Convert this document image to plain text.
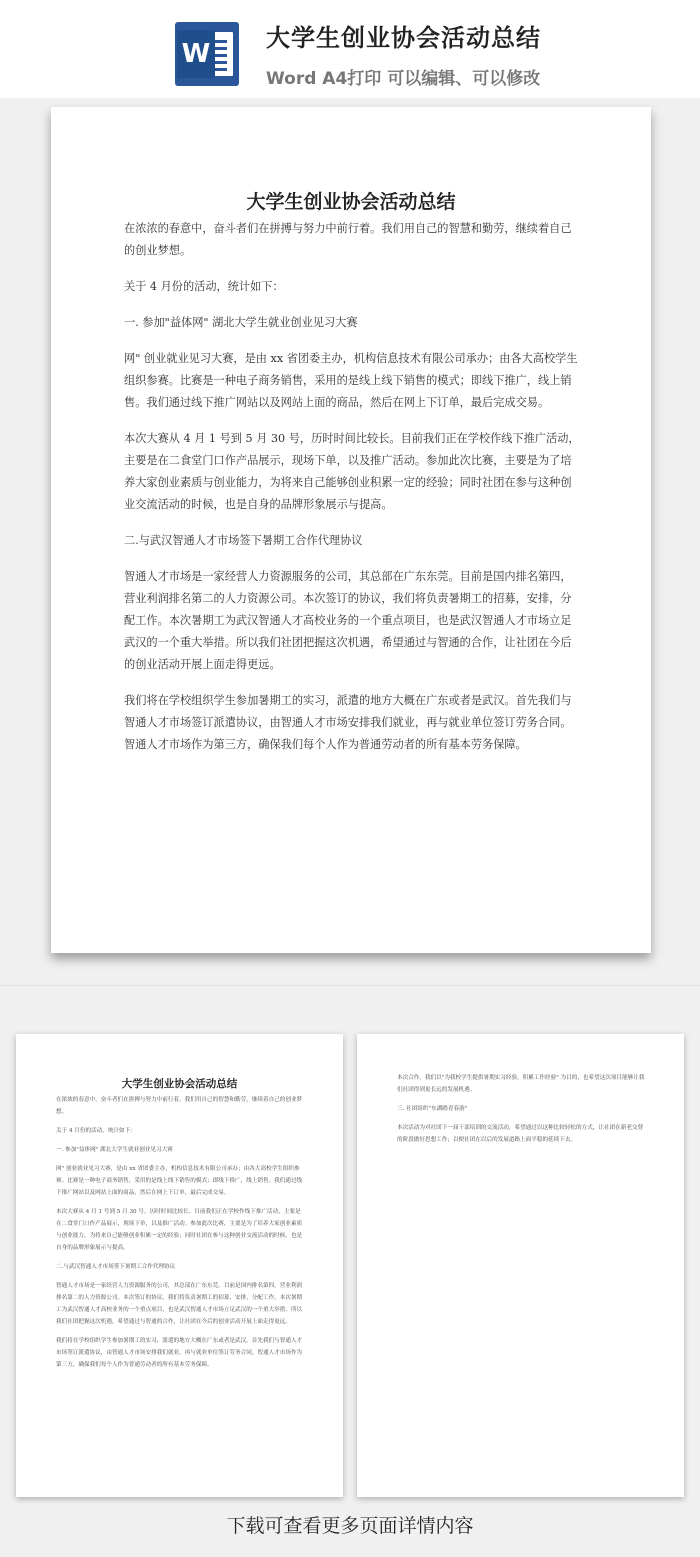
W
大学生创业协会活动总结
Word A4打印 可以编辑、可以修改
大学生创业协会活动总结

在浓浓的春意中，奋斗者们在拼搏与努力中前行着。我们用自己的智慧和勤劳，继续着自己的创业梦想。

关于 4 月份的活动，统计如下：

一. 参加"益体网" 湖北大学生就业创业见习大赛

网" 创业就业见习大赛，是由 xx 省团委主办，机构信息技术有限公司承办；由各大高校学生组织参赛。比赛是一种电子商务销售，采用的是线上线下销售的模式；即线下推广，线上销售。我们通过线下推广网站以及网站上面的商品，然后在网上下订单，最后完成交易。

本次大赛从 4 月 1 号到 5 月 30 号，历时时间比较长。目前我们正在学校作线下推广活动，主要是在二食堂门口作产品展示，现场下单，以及推广活动。参加此次比赛，主要是为了培养大家创业素质与创业能力，为将来自己能够创业积累一定的经验；同时社团在参与这种创业交流活动的时候，也是自身的品牌形象展示与提高。

二.与武汉智通人才市场签下暑期工合作代理协议

智通人才市场是一家经营人力资源服务的公司，其总部在广东东莞。目前是国内排名第四，营业利润排名第二的人力资源公司。本次签订的协议，我们将负责暑期工的招募，安排，分配工作。本次暑期工为武汉智通人才高校业务的一个重点项目，也是武汉智通人才市场立足武汉的一个重大举措。所以我们社团把握这次机遇，希望通过与智通的合作，让社团在今后的创业活动开展上面走得更远。

我们将在学校组织学生参加暑期工的实习，派遣的地方大概在广东或者是武汉。首先我们与智通人才市场签订派遣协议，由智通人才市场安排我们就业，再与就业单位签订劳务合同。智通人才市场作为第三方，确保我们每个人作为普通劳动者的所有基本劳务保障。

大学生创业协会活动总结

在浓浓的春意中，奋斗者们在拼搏与努力中前行着。我们用自己的智慧和勤劳，继续着自己的创业梦想。

关于 4 月份的活动，统计如下：

一. 参加"益体网" 湖北大学生就业创业见习大赛

网" 创业就业见习大赛，是由 xx 省团委主办，机构信息技术有限公司承办；由各大高校学生组织参赛。比赛是一种电子商务销售，采用的是线上线下销售的模式；即线下推广，线上销售。我们通过线下推广网站以及网站上面的商品，然后在网上下订单，最后完成交易。

本次大赛从 4 月 1 号到 5 月 30 号，历时时间比较长。目前我们正在学校作线下推广活动，主要是在二食堂门口作产品展示，现场下单，以及推广活动。参加此次比赛，主要是为了培养大家创业素质与创业能力，为将来自己能够创业积累一定的经验；同时社团在参与这种创业交流活动的时候，也是自身的品牌形象展示与提高。

二.与武汉智通人才市场签下暑期工合作代理协议

智通人才市场是一家经营人力资源服务的公司，其总部在广东东莞。目前是国内排名第四，营业利润排名第二的人力资源公司。本次签订的协议，我们将负责暑期工的招募，安排，分配工作。本次暑期工为武汉智通人才高校业务的一个重点项目，也是武汉智通人才市场立足武汉的一个重大举措。所以我们社团把握这次机遇，希望通过与智通的合作，让社团在今后的创业活动开展上面走得更远。

我们将在学校组织学生参加暑期工的实习，派遣的地方大概在广东或者是武汉。首先我们与智通人才市场签订派遣协议，由智通人才市场安排我们就业，再与就业单位签订劳务合同。智通人才市场作为第三方，确保我们每个人作为普通劳动者的所有基本劳务保障。

本次合作，我们以"为我校学生提供暑期实习经验，积累工作经验" 为目的，也希望这次项目能够让我们社团得到更长远的发展机遇。

三. 社团组织"东湖踏青春游"

本次活动为对社团下一届干部培训的交流活动，希望通过以这种比较轻松的方式，让社团在新老交替的阶段做好思想工作；以便社团在以后的发展道路上面平稳的延续下去。

下载可查看更多页面详情内容
